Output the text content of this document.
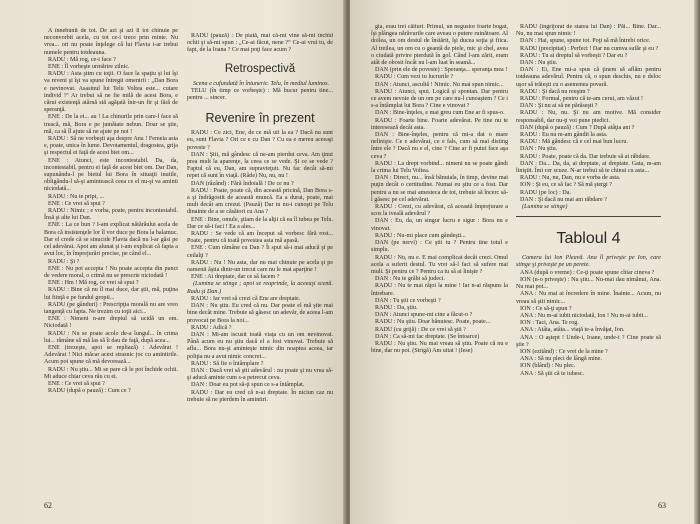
A înnebunit de tot. De azi şi azi îl tot chinuie pe neconvorbit acela, cu tot ce-i trece prin minte. Nu vrea... ori nu poate înţelege că lui Flavia i-ar trebui numele pentru totdeauna.

RADU : Mă rog, ce-i face ?

ENE : Îl vorbeşte urmărire zilnic.

RADU : Asta ştim cu toţii. O face la spaţiu şi lui îşi va reveni şi îşi va spune întregii omenirii : „Dan Bora e nevinovat. Asasinul lui Telu Voltea este... cutare individ !“ Ar trebui să ne fie milă de acest Bora, e cărui existenţă atârnă stă agăţată într-un fir şi fără de speranţă.

ENE : De la ei... au ! La chinurile prin care-l face să treacă, mă, Bora e pe jumătate nebun. Doar se ştie, mă, ca să îl ajute să ne ajute pe noi !

RADU : Să ne vorbeşti aşa despre Ana ! Femeia asta e, poate, unica în lume. Devotamentul, dragostea, grija şi respectul ei faţă de acest biet om...

ENE : Atunci, este incontestabil. Da, da, incontestabil, pentru ei faţă de acest biet om. Dar Dan, supunându-l pe bietul lui Bora în situaţii inutile, obligându-l să-şi amintească ceea ce el nu-şi va aminti niciodată...

RADU : Nu te pripi, ...

ENE : Ce vrei să spui ?

RADU : Nimic ; e vorba, poate, pentru incontestabil. Însă şi alte lui Dan.

ENE : La ce bun ? I-am explicat nătărăului acela de Bora că insistenţele lor îl vor duce pe Bora la balamuc. Dar el crede că se sinucide Flavia dacă nu l-ar găsi pe cel adevărat. Apoi am alunat şi i-am explicat că fapta a avut loc, în împrejurări precise, pe când el...

RADU : Şi ?

ENE : Nu pot accepta ! Nu poate accepta din punct de vedere moral, o crimă nu se prescrie niciodată !

ENE : Hm ! Mă rog, ce vrei să spui ?

RADU : Bine că nu îl mai duce, dar ştii, mă, puţina lui fiinţă e pe fundul gropii...

RADU (pe gânduri) : Prescripţia morală nu are vreo tangenţă cu fapta. Ne trezim cu toţii aici...

ENE : Nimeni n-are dreptul să ucidă un om. Niciodată !

RADU : Nu se poate acolo de-a lungul... în crima lui... rămâne să mă las să îi dau de faţă, după acea...

ENE (trezeşte, apoi se repliază) : Adevărat ! Adevărat ! Nici măcar acest strasnic joc cu amintirile. Acum pot spune că mă devorează...

RADU : Nu ştiu... Mi se pare că le pot închide ochii. Mi aduce chiar ceva rău cu ei.

ENE : Ce vrei să spui ?

RADU (după o pauză) : Cum ce ?

RADU (pauză) : De piată, mai că-mi vine să-mi închid ochii şi să-mi spun : „Ce-ai făcut, nene ?“ Ce-ai vrut tu, de fapt, de la Ioana ? Ce mai poţi face acum ?

Retrospectivă

Scena e cufundată în întuneric. Telu, în mediul luminos.

TELU (în timp ce vorbeşte) : Mă bucur pentru tine... pentru ... sincer.

Revenire în prezent

RADU : Ce zici, Ene, de ce mă uit la ea ? Dacă nu sunt eu, sunt Flavia ? Ori ce e cu Dan ? Cu ea e mereu aceeaşi poveste ?

DAN : Ştii, mă gândesc că ne-am pierdut ceva. Am ţinut prea mult la aparenţe, la ceea ce se vede. Şi ce se vede ? Faptul că eu, Dan, am supravieţuit. Nu fac decât să-mi repet că sunt în viaţă. (Râde) Nu, nu, nu !

DAN (râzând) : Fără îndoială ! De ce nu ?

RADU : Poate, poate că, din această pricină, Dan Bora s-a şi îndrăgostit de această muncă. Ea a durat, poate, mai mult decât am crezut. (Pauză) Dar tu nu-i cunoşti pe Telu dinainte de a se căsători cu Ana ?

ENE : Bine, omule, ştiam de la alţii că ea îl iubea pe Telu. Dar ce să-i faci ! Ea a ales...

RADU : Se vede că am început să vorbesc fără rost... Poate, pentru că toată povestea asta mă apasă.

ENE : Cum rămâne cu Dan ? Îi spui să-i mai aducă şi pe ceilalţi ?

RADU : Nu ! Nu asta, dar nu mai chinuie pe acela şi pe oamenii ăştia dintr-un trecut care nu le mai aparţine !

ENE : Ai dreptate, dar ce să facem ?

(Lumina se stinge ; apoi se reaprinde, la aceeaşi scenă. Radu şi Dan.)

RADU : Iar vrei să crezi că Ene are dreptate.

DAN : Nu ştiu. Eu cred că nu. Dar poate el mă ştie mai bine decât mine. Trebuie să găsesc un adevăr, de aceea l-am provocat pe Bora la noi...

RADU : Adică ?

DAN : Mi-am iscusit toată viaţa cu un om nevinovat. Până acum eu nu ştiu dacă el a fost vinovat. Trebuie să aflu... Bora nu-şi aminteşte nimic din noaptea aceea, iar poliţia nu a avut nimic concret...

RADU : Să fie o întâmplare ?

DAN : Dacă vrei să ştii adevărul : nu poate şi nu vrea să-şi aducă aminte cum s-a petrecut ceva.

DAN : Doar eu pot să-ţi spun ce s-a întâmplat.

RADU : Dar eu cred că n-ai dreptate. În niciun caz nu trebuie să ne pierdem în amintiri.

62

gia, erau trei căituri. Primul, un negustor foarte bogat, îşi plângea nărăvurile care aveau o putere ruinătoare. Al doilea, un om destul de înstărit, îşi ducea soţia şi fiica. Al treilea, un om cu o geantă de piele, mic şi chel, avea o ciudată privire pierdută în gol. Când l-am zărit, eram atât de obosit încât nu l-am luat în seamă...

DAN (prin ele de poveste) : Speranţa... speranţa mea !

RADU : Cum vezi tu lucrurile ?

DAN : Atunci, ascultă ! Nimic. Nu mai spun nimic...

RADU : Atunci, spui. Logică şi spontan. Dar pentru ce avem nevoie de un om pe care nu-l cunoaştem ? Ce i s-a întâmplat lui Bora ? Cine e vinovat ?

DAN : Bine-înţeles, e mai greu cum Ene ar fi spus-o.

RADU : Foarte bine. Foarte adevărat. Pe tine nu te interesează decât asta.

DAN : Bine-înţeles, pentru că mi-a dat o mare nelinişte. Ce e adevărat, ce e fals, cum să mai disting între ele ? Dacă nu e el, cine ? Cine ar fi putut face aşa ceva ?

RADU : La drept vorbind... nimeni nu se poate gândi la crima lui Telu Voltea.

DAN : Direct, nu... însă bănuiala, în timp, devine mai puţin decât o certitudine. Numai eu ştiu ce a fost. Dar pentru a nu se mai amesteca de tot, trebuie să încerc să-l găsesc pe cel adevărat.

RADU : Crezi, cu adevărat, că această împrejurare a scos la iveală adevărul ?

DAN : Eu, da, un singur lucru e sigur : Bora nu e vinovat.

RADU : Nu-mi place cum gândeşti...

DAN (pe nervi) : Ce ştii tu ? Pentru tine totul e simplu.

RADU : Nu, nu e. E mai complicat decât crezi. Omul acela a suferit destul. Tu vrei să-l faci să sufere mai mult. Şi pentru ce ? Pentru ca tu să ai linişte ?

DAN : Nu te grăbi să judeci.

RADU : Nu te mai răţoi la mine ! Iar n-ai răspuns la întrebare.

DAN : Tu ştii ce vorbeşti ?

RADU : Da, ştiu.

DAN : Atunci spune-mi cine a făcut-o ?

RADU : Nu ştiu. Doar bănuiesc. Poate, poate...

RADU (cu grijă) : De ce vrei să ştii ?

DAN : Ca să-mi fac dreptate. (Se întoarce)

RADU : Nu ştiu. Nu mai vreau să ştiu. Poate că nu e bine, dar nu pot. (Strigă) Am uitat ! (Iese)

RADU (îngrijorat de starea lui Dan) : Păi... Bine. Dar... Nu, nu mai spun nimic !

DAN : Hai, spune, spune tot. Poţi să mă întrebi orice.

RADU (precipitat) : Perfect ! Dar nu cumva sufăr şi eu ?

RADU : Tu ai dreptul să vorbeşti ? Dar eu ?

DAN : Nu ştiu.

DAN : Ei, Ene mi-a spus că ţinem să aflăm pentru totdeauna adevărul. Pentru că, o spun deschis, nu e deloc uşor să trăieşti cu o asemenea povară.

RADU : Şi dacă nu reuşim ?

RADU : Formal, pentru că te-am cerut, am văzut !

DAN : Şi nu ai să ne părăseşti ?

RADU : Nu, nu. Şi nu am motive. Mă consider responsabil, dar nu-ţi voi pune piedici.

DAN (după o pauză) : Cum ? După atâţia ani ?

RADU : Eu nu m-am gândit la asta.

RADU : Mă gândesc că e cel mai bun lucru.

DAN : Nu ştiu.

RADU : Poate, poate că da. Dar trebuie să ai răbdare.

DAN : Da... Da, da, ai dreptate, ai dreptate. Gata, m-am liniştit. Îmi cer scuze. N-ar trebui să te chinui cu asta...

RADU : Nu, nu, Dan, nu e vorba de asta.

ION : Şi eu, ce să fac ? Să mă ştergi ?

RADU (pe loc) : Da.

DAN : Şi dacă nu mai am răbdare ?

(Lumina se stinge)

Tabloul 4

Camera lui Ion Pleavă. Ana îl priveşte pe Ion, care stinge şi priveşte pe un perete.

ANA (după o vreme) : Ce-ţi poate spune chiar cineva ?

ION (n-o priveşte) : Nu ştiu... Nu-mai dau nimănui, Ana. Nu mai pot...

ANA : Nu mai ai încredere în mine. Înainte... Acum, nu vreau să ştii nimic...

ION : Ce să-ţi spun ?

ANA : Nu m-ai iubit niciodată, Ion ! Nu m-ai iubit...

ION : Taci, Ana. Te rog.

ANA : Atâta, atâta... viaţă te-a învăţat, Ion.

ANA : O aştept ! Unde-i, Ioane, unde-i ? Cine poate să ştie ?

ION (ezitând) : Ce vrei de la mine ?

ANA : Să nu pleci de lângă mine.

ION (blând) : Nu plec.

ANA : Să ştii că te iubesc.

63
